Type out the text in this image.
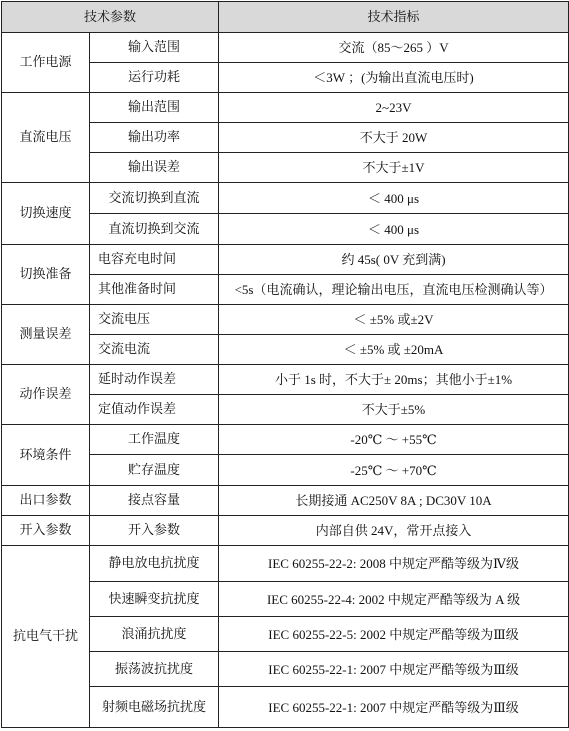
技术参数		技术指标
工作电源	输入范围	交流（85～265 ）V
	运行功耗	＜3W ；(为输出直流电压时)
直流电压	输出范围	2~23V
	输出功率	不大于 20W
	输出误差	不大于±1V
切换速度	交流切换到直流	＜ 400 μs
	直流切换到交流	＜ 400 μs
切换准备	电容充电时间	约 45s( 0V 充到满)
	其他准备时间	<5s（电流确认，理论输出电压，直流电压检测确认等）
测量误差	交流电压	＜ ±5% 或±2V
	交流电流	＜ ±5% 或 ±20mA
动作误差	延时动作误差	小于 1s 时，不大于± 20ms；其他小于±1%
	定值动作误差	不大于±5%
环境条件	工作温度	-20℃ ～ +55℃
	贮存温度	-25℃ ～ +70℃
出口参数	接点容量	长期接通 AC250V 8A ; DC30V 10A
开入参数	开入参数	内部自供 24V，常开点接入
抗电气干扰	静电放电抗扰度	IEC 60255-22-2: 2008 中规定严酷等级为Ⅳ级
	快速瞬变抗扰度	IEC 60255-22-4: 2002 中规定严酷等级为 A 级
	浪涌抗扰度	IEC 60255-22-5: 2002 中规定严酷等级为Ⅲ级
	振荡波抗扰度	IEC 60255-22-1: 2007 中规定严酷等级为Ⅲ级
	射频电磁场抗扰度	IEC 60255-22-1: 2007 中规定严酷等级为Ⅲ级
